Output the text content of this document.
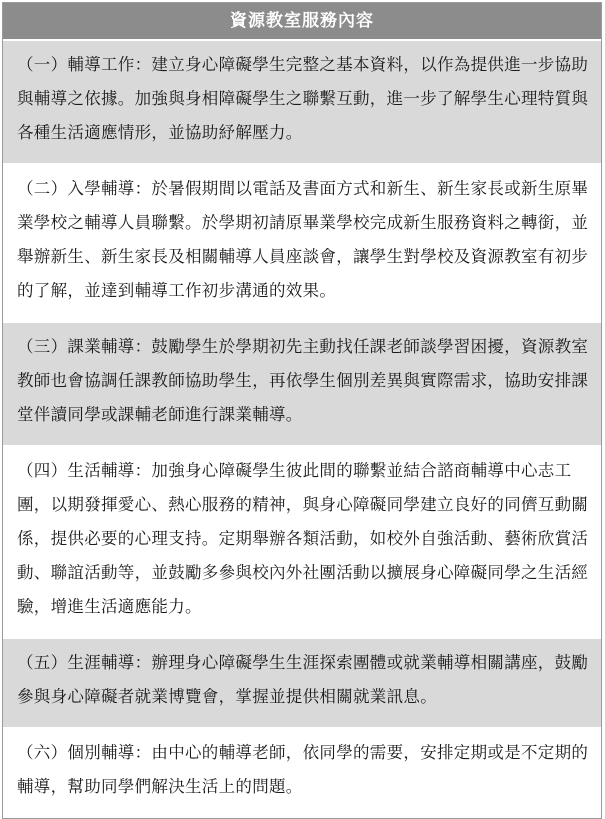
資源教室服務內容
（一）輔導工作：建立身心障礙學生完整之基本資料，以作為提供進一步協助與輔導之依據。加強與身相障礙學生之聯繫互動，進一步了解學生心理特質與各種生活適應情形，並協助紓解壓力。
（二）入學輔導：於暑假期間以電話及書面方式和新生、新生家長或新生原畢業學校之輔導人員聯繫。於學期初請原畢業學校完成新生服務資料之轉銜，並舉辦新生、新生家長及相關輔導人員座談會，讓學生對學校及資源教室有初步的了解，並達到輔導工作初步溝通的效果。
（三）課業輔導：鼓勵學生於學期初先主動找任課老師談學習困擾，資源教室教師也會協調任課教師協助學生，再依學生個別差異與實際需求，協助安排課堂伴讀同學或課輔老師進行課業輔導。
（四）生活輔導：加強身心障礙學生彼此間的聯繫並結合諮商輔導中心志工團，以期發揮愛心、熱心服務的精神，與身心障礙同學建立良好的同儕互動關係，提供必要的心理支持。定期舉辦各類活動，如校外自強活動、藝術欣賞活動、聯誼活動等，並鼓勵多參與校內外社團活動以擴展身心障礙同學之生活經驗，增進生活適應能力。
（五）生涯輔導：辦理身心障礙學生生涯探索團體或就業輔導相關講座，鼓勵參與身心障礙者就業博覽會，掌握並提供相關就業訊息。
（六）個別輔導：由中心的輔導老師，依同學的需要，安排定期或是不定期的輔導，幫助同學們解決生活上的問題。
